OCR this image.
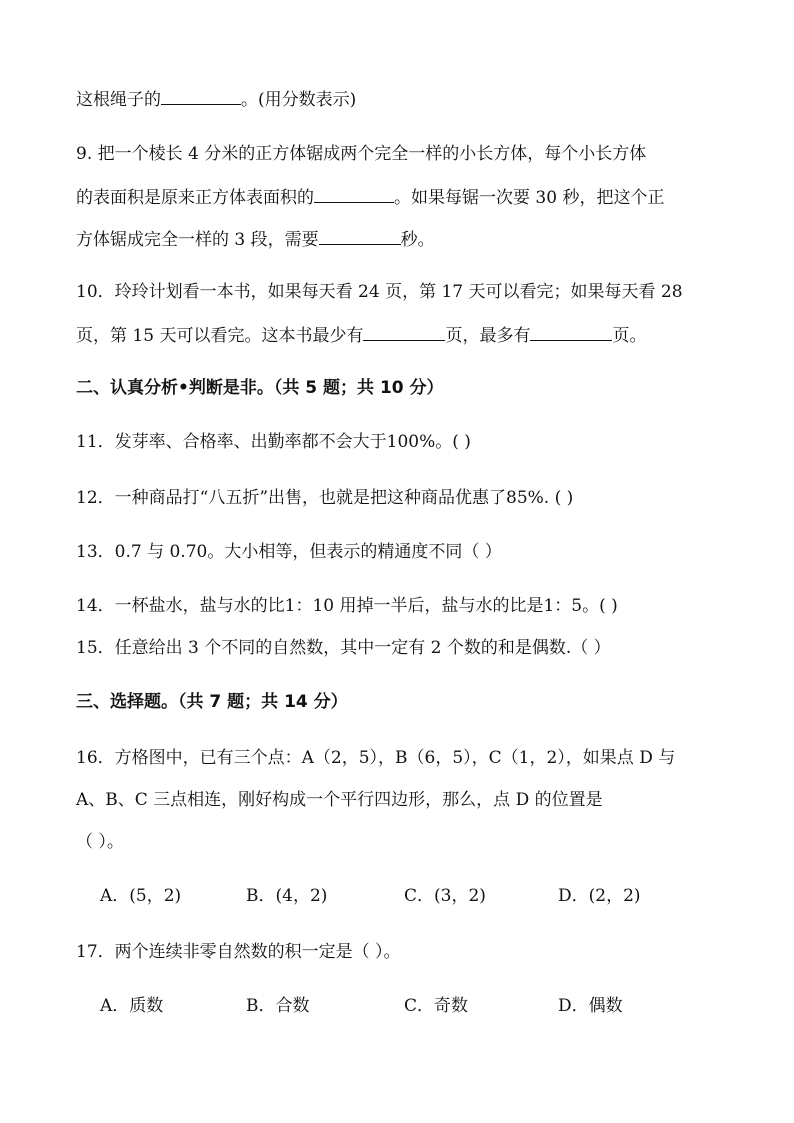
这根绳子的	。(用分数表示)
9. 把一个棱长 4 分米的正方体锯成两个完全一样的小长方体，每个小长方体
的表面积是原来正方体表面积的	。如果每锯一次要 30 秒，把这个正
方体锯成完全一样的 3 段，需要	秒。
10．玲玲计划看一本书，如果每天看 24 页，第 17 天可以看完；如果每天看 28
页，第 15 天可以看完。这本书最少有	页，最多有	页。
二、认真分析•判断是非。（共 5 题；共 10 分）
11．发芽率、合格率、出勤率都不会大于100%。( )
12．一种商品打“八五折”出售，也就是把这种商品优惠了85%. ( )
13．0.7 与 0.70。大小相等，但表示的精通度不同（ ）
14．一杯盐水，盐与水的比1：10 用掉一半后，盐与水的比是1：5。( )
15．任意给出 3 个不同的自然数，其中一定有 2 个数的和是偶数.（ ）
三、选择题。（共 7 题；共 14 分）
16．方格图中，已有三个点：A（2，5），B（6，5），C（1，2），如果点 D 与
A、B、C 三点相连，刚好构成一个平行四边形，那么，点 D 的位置是
（ ）。
A．(5，2)	B．(4，2)	C．(3，2)	D．(2，2)
17．两个连续非零自然数的积一定是（ ）。
A．质数	B．合数	C．奇数	D．偶数
